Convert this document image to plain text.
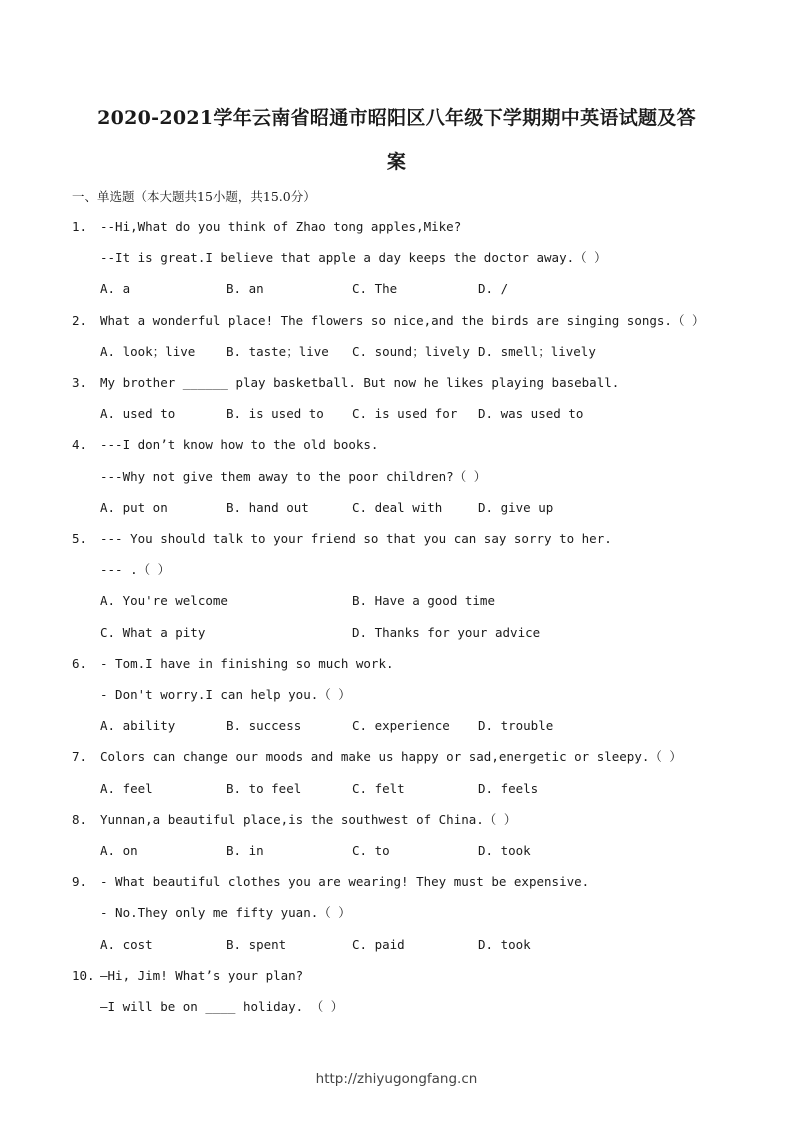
2020-2021学年云南省昭通市昭阳区八年级下学期期中英语试题及答
案
一、单选题（本大题共15小题，共15.0分）
1. --Hi,What do you think of Zhao tong apples,Mike?
--It is great.I believe that apple a day keeps the doctor away.（ ）
A. a	B. an	C. The	D. /
2. What a wonderful place! The flowers so nice,and the birds are singing songs.（ ）
A. look；live B. taste；live C. sound；lively D. smell；lively
3. My brother ______ play basketball. But now he likes playing baseball.
A. used to	B. is used to C. is used for D. was used to
4. ---I don’t know how to the old books.
---Why not give them away to the poor children?（ ）
A. put on	B. hand out	C. deal with	D. give up
5. --- You should talk to your friend so that you can say sorry to her.
--- .（ ）
A. You're welcome	B. Have a good time
C. What a pity	D. Thanks for your advice
6. - Tom.I have in finishing so much work.
- Don't worry.I can help you.（ ）
A. ability	B. success	C. experience D. trouble
7. Colors can change our moods and make us happy or sad,energetic or sleepy.（ ）
A. feel	B. to feel	C. felt	D. feels
8. Yunnan,a beautiful place,is the southwest of China.（ ）
A. on	B. in	C. to	D. took
9. - What beautiful clothes you are wearing! They must be expensive.
- No.They only me fifty yuan.（ ）
A. cost	B. spent	C. paid	D. took
10. —Hi, Jim! What’s your plan?
—I will be on ____ holiday. （ ）
http://zhiyugongfang.cn
